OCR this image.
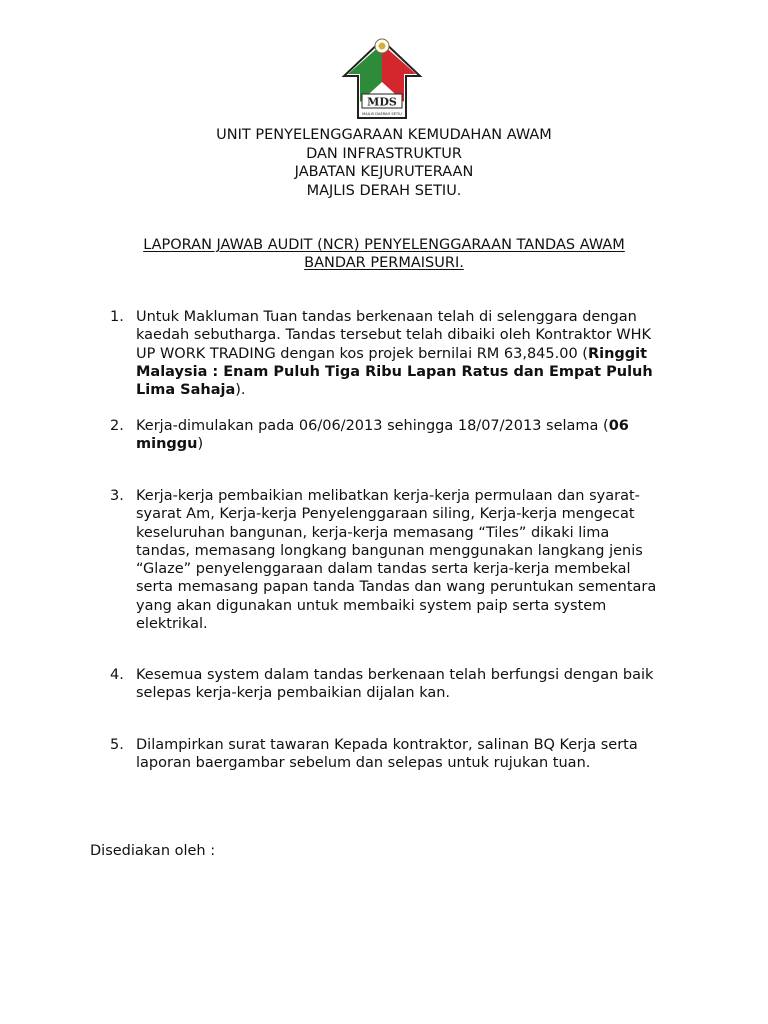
MDS
MAJLIS DAERAH SETIU
UNIT PENYELENGGARAAN KEMUDAHAN AWAM
DAN INFRASTRUKTUR
JABATAN KEJURUTERAAN
MAJLIS DERAH SETIU.
LAPORAN JAWAB AUDIT (NCR) PENYELENGGARAAN TANDAS AWAM
BANDAR PERMAISURI.
1. Untuk Makluman Tuan tandas berkenaan telah di selenggara dengan
kaedah sebutharga. Tandas tersebut telah dibaiki oleh Kontraktor WHK
UP WORK TRADING dengan kos projek bernilai RM 63,845.00 (Ringgit
Malaysia : Enam Puluh Tiga Ribu Lapan Ratus dan Empat Puluh
Lima Sahaja).
2. Kerja-dimulakan pada 06/06/2013 sehingga 18/07/2013 selama (06
minggu)
3. Kerja-kerja pembaikian melibatkan kerja-kerja permulaan dan syarat-
syarat Am, Kerja-kerja Penyelenggaraan siling, Kerja-kerja mengecat
keseluruhan bangunan, kerja-kerja memasang “Tiles” dikaki lima
tandas, memasang longkang bangunan menggunakan langkang jenis
“Glaze” penyelenggaraan dalam tandas serta kerja-kerja membekal
serta memasang papan tanda Tandas dan wang peruntukan sementara
yang akan digunakan untuk membaiki system paip serta system
elektrikal.
4. Kesemua system dalam tandas berkenaan telah berfungsi dengan baik
selepas kerja-kerja pembaikian dijalan kan.
5. Dilampirkan surat tawaran Kepada kontraktor, salinan BQ Kerja serta
laporan baergambar sebelum dan selepas untuk rujukan tuan.
Disediakan oleh :
